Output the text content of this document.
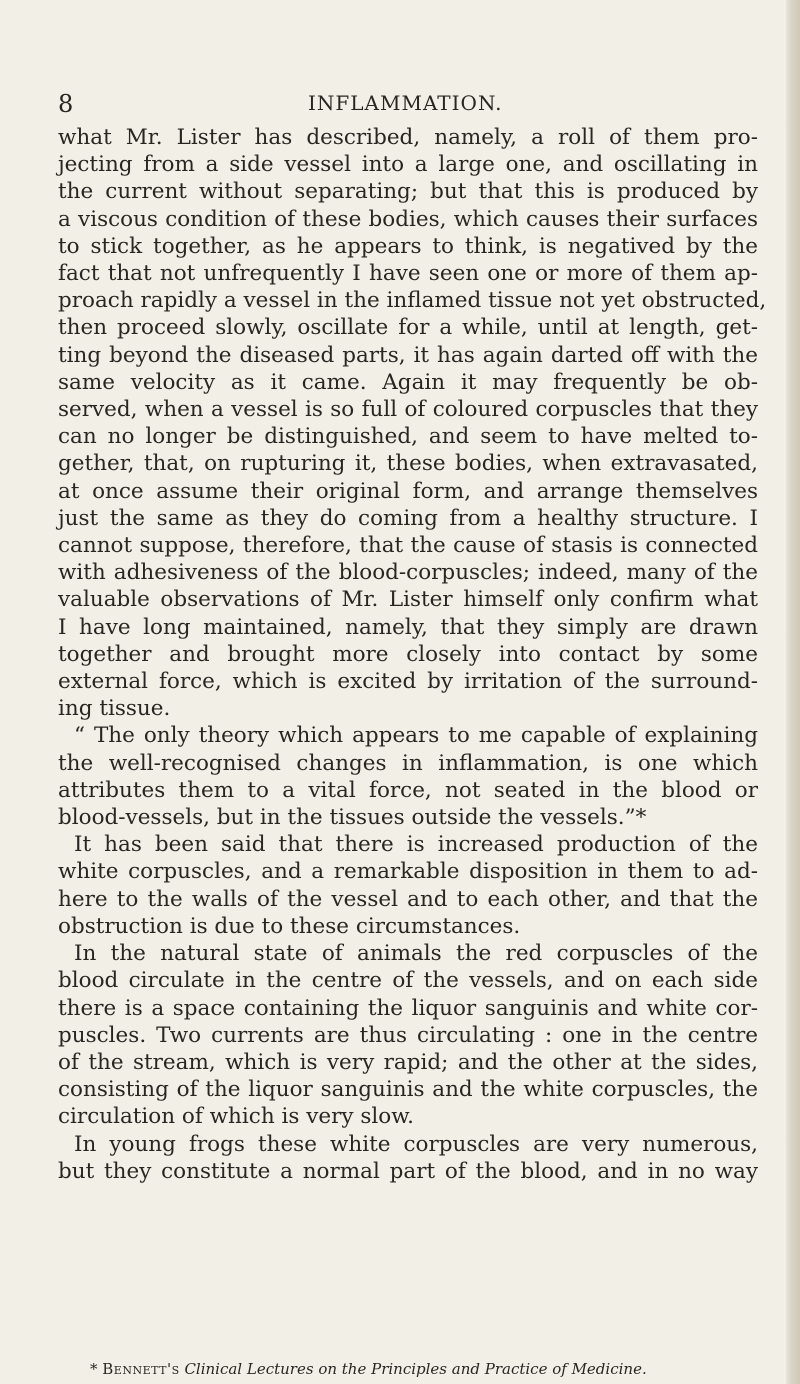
8	INFLAMMATION.
what Mr. Lister has described, namely, a roll of them pro-
jecting from a side vessel into a large one, and oscillating in
the current without separating; but that this is produced by
a viscous condition of these bodies, which causes their surfaces
to stick together, as he appears to think, is negatived by the
fact that not unfrequently I have seen one or more of them ap-
proach rapidly a vessel in the inflamed tissue not yet obstructed,
then proceed slowly, oscillate for a while, until at length, get-
ting beyond the diseased parts, it has again darted off with the
same velocity as it came. Again it may frequently be ob-
served, when a vessel is so full of coloured corpuscles that they
can no longer be distinguished, and seem to have melted to-
gether, that, on rupturing it, these bodies, when extravasated,
at once assume their original form, and arrange themselves
just the same as they do coming from a healthy structure. I
cannot suppose, therefore, that the cause of stasis is connected
with adhesiveness of the blood-corpuscles; indeed, many of the
valuable observations of Mr. Lister himself only confirm what
I have long maintained, namely, that they simply are drawn
together and brought more closely into contact by some
external force, which is excited by irritation of the surround-
ing tissue.
“ The only theory which appears to me capable of explaining
the well-recognised changes in inflammation, is one which
attributes them to a vital force, not seated in the blood or
blood-vessels, but in the tissues outside the vessels.”*
It has been said that there is increased production of the
white corpuscles, and a remarkable disposition in them to ad-
here to the walls of the vessel and to each other, and that the
obstruction is due to these circumstances.
In the natural state of animals the red corpuscles of the
blood circulate in the centre of the vessels, and on each side
there is a space containing the liquor sanguinis and white cor-
puscles. Two currents are thus circulating : one in the centre
of the stream, which is very rapid; and the other at the sides,
consisting of the liquor sanguinis and the white corpuscles, the
circulation of which is very slow.
In young frogs these white corpuscles are very numerous,
but they constitute a normal part of the blood, and in no way
* Bennett's Clinical Lectures on the Principles and Practice of Medicine.
